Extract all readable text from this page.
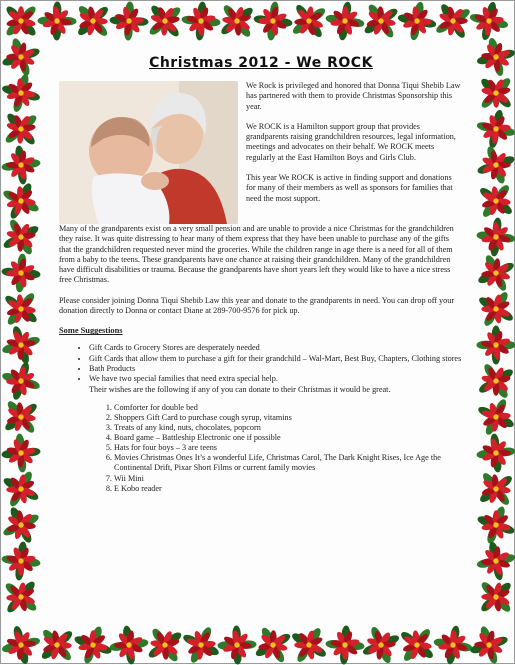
Christmas 2012 - We ROCK

We Rock is privileged and honored that Donna Tiqui Shebib Law has partnered with them to provide Christmas Sponsorship this year.

We ROCK is a Hamilton support group that provides grandparents raising grandchildren resources, legal information, meetings and advocates on their behalf. We ROCK meets regularly at the East Hamilton Boys and Girls Club.

This year We ROCK is active in finding support and donations for many of their members as well as sponsors for families that need the most support.

Many of the grandparents exist on a very small pension and are unable to provide a nice Christmas for the grandchildren they raise. It was quite distressing to hear many of them express that they have been unable to purchase any of the gifts that the grandchildren requested never mind the groceries. While the children range in age there is a need for all of them from a baby to the teens. These grandparents have one chance at raising their grandchildren. Many of the grandchildren have difficult disabilities or trauma. Because the grandparents have short years left they would like to have a nice stress free Christmas.

Please consider joining Donna Tiqui Shebib Law this year and donate to the grandparents in need. You can drop off your donation directly to Donna or contact Diane at 289-700-9576 for pick up.

Some Suggestions
• Gift Cards to Grocery Stores are desperately needed
• Gift Cards that allow them to purchase a gift for their grandchild – Wal-Mart, Best Buy, Chapters, Clothing stores
• Bath Products
• We have two special families that need extra special help.
Their wishes are the following if any of you can donate to their Christmas it would be great.
1. Comforter for double bed
2. Shoppers Gift Card to purchase cough syrup, vitamins
3. Treats of any kind, nuts, chocolates, popcorn
4. Board game – Battleship Electronic one if possible
5. Hats for four boys – 3 are teens
6. Movies Christmas Ones It’s a wonderful Life, Christmas Carol, The Dark Knight Rises, Ice Age the Continental Drift, Pixar Short Films or current family movies
7. Wii Mini
8. E Kobo reader
